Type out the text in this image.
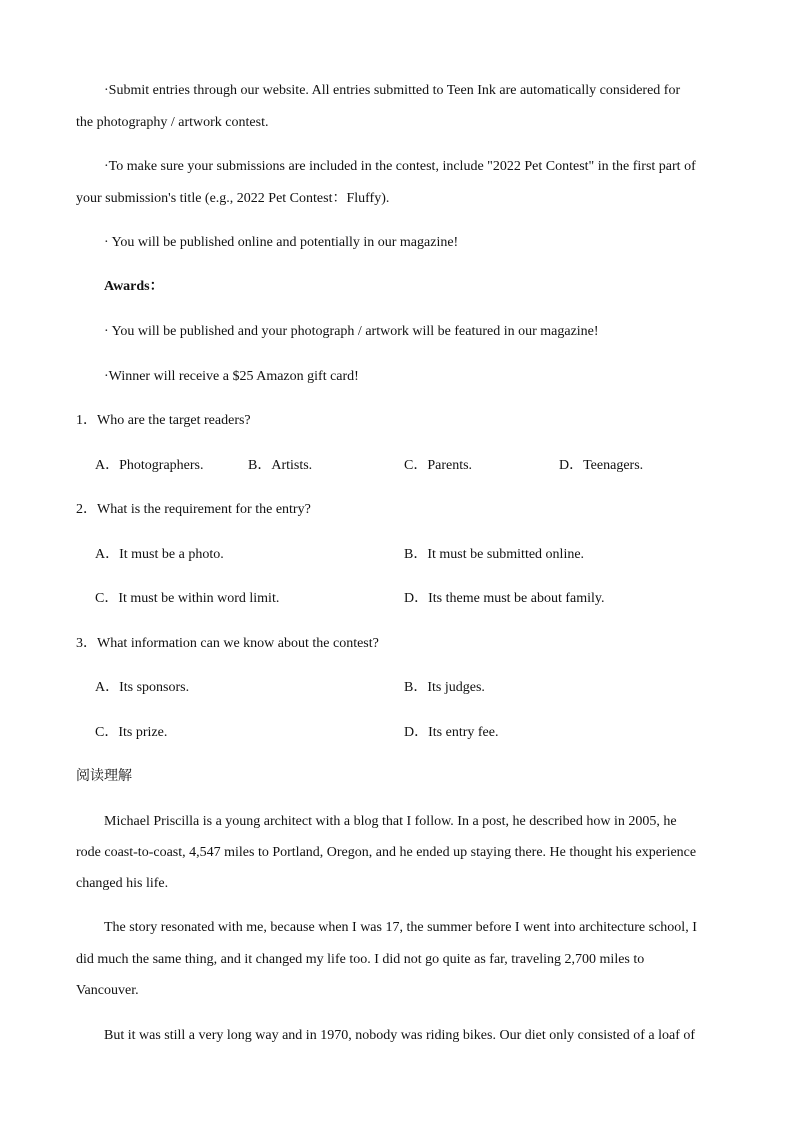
·Submit entries through our website. All entries submitted to Teen Ink are automatically considered for
the photography / artwork contest.
·To make sure your submissions are included in the contest, include "2022 Pet Contest" in the first part of
your submission's title (e.g., 2022 Pet Contest：Fluffy).
· You will be published online and potentially in our magazine!
Awards：
· You will be published and your photograph / artwork will be featured in our magazine!
·Winner will receive a $25 Amazon gift card!
1．Who are the target readers?
A．Photographers.	B．Artists.	C．Parents.	D．Teenagers.
2．What is the requirement for the entry?
A．It must be a photo.	B．It must be submitted online.
C．It must be within word limit.	D．Its theme must be about family.
3．What information can we know about the contest?
A．Its sponsors.	B．Its judges.
C．Its prize.	D．Its entry fee.
阅读理解
Michael Priscilla is a young architect with a blog that I follow. In a post, he described how in 2005, he
rode coast-to-coast, 4,547 miles to Portland, Oregon, and he ended up staying there. He thought his experience
changed his life.
The story resonated with me, because when I was 17, the summer before I went into architecture school, I
did much the same thing, and it changed my life too. I did not go quite as far, traveling 2,700 miles to
Vancouver.
But it was still a very long way and in 1970, nobody was riding bikes. Our diet only consisted of a loaf of
